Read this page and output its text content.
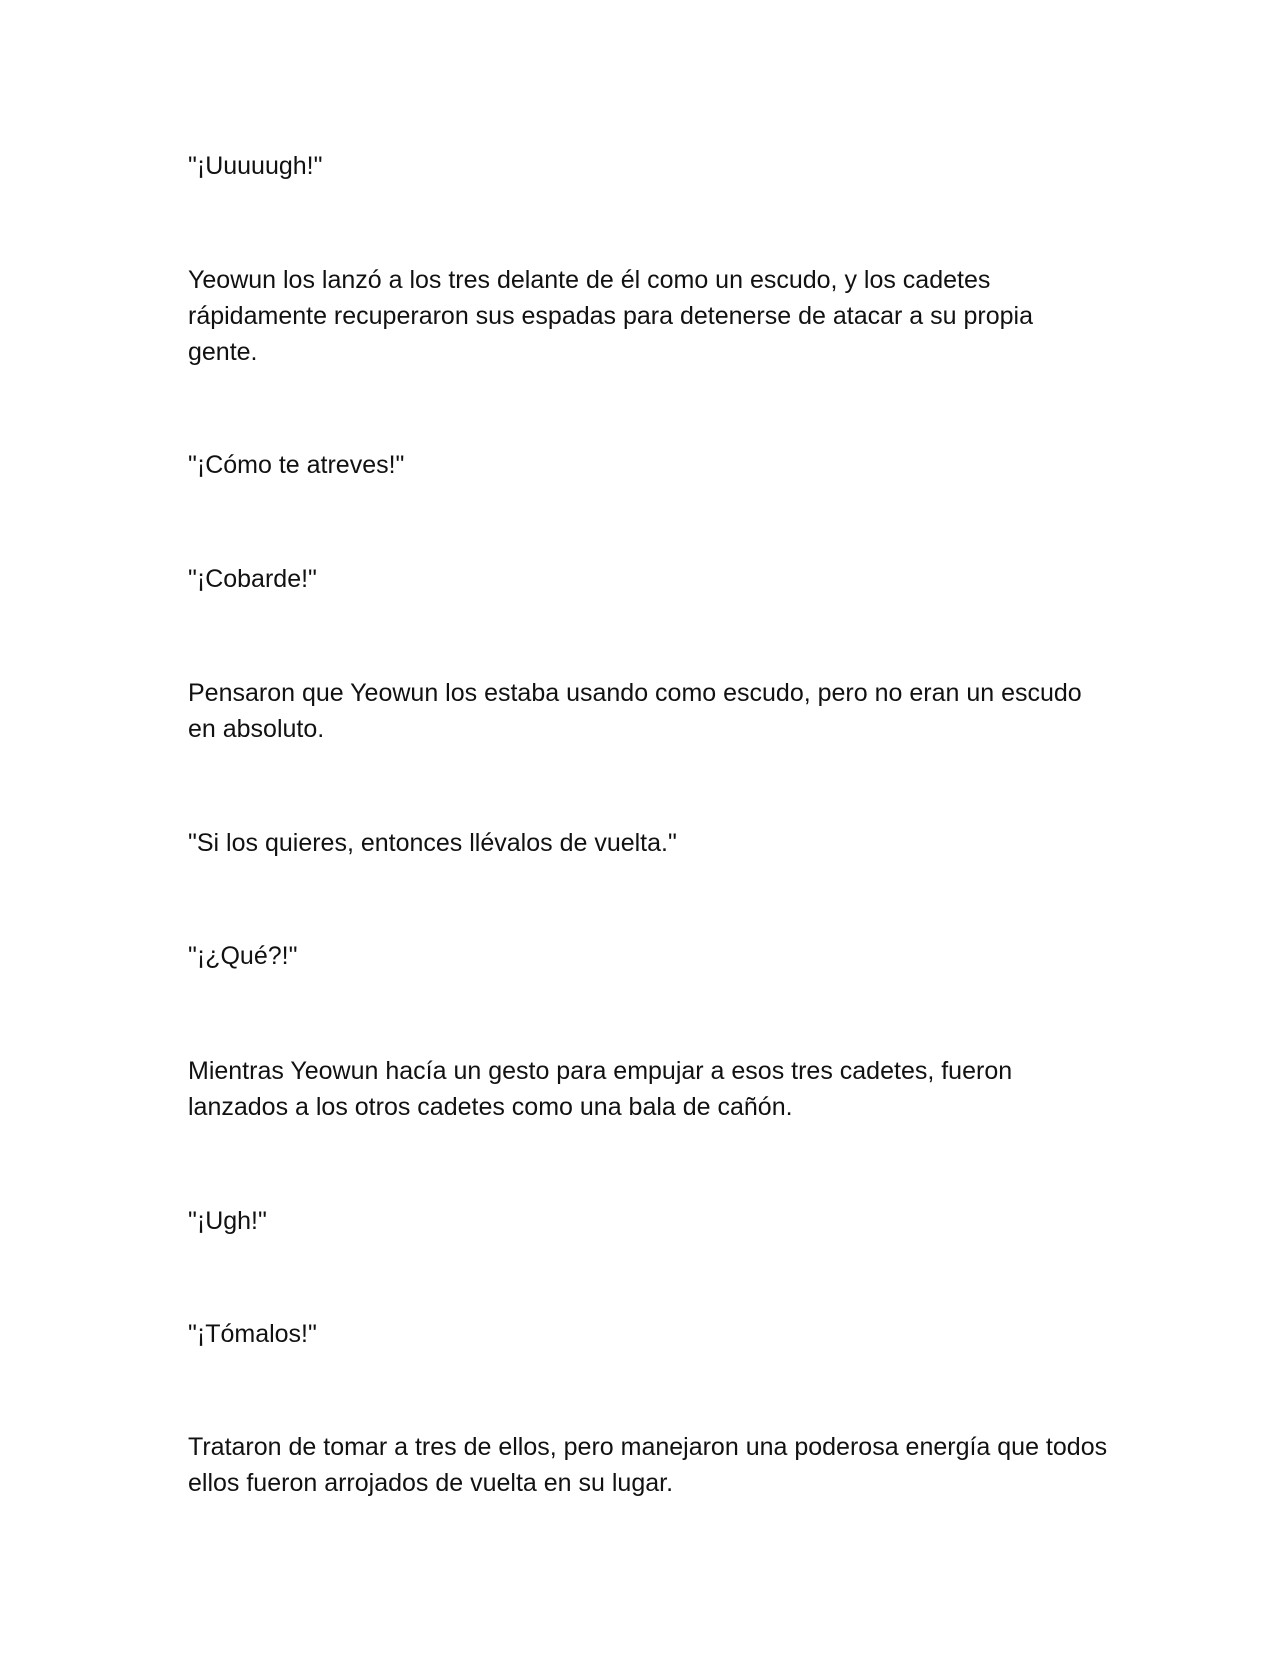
"¡Uuuuugh!"

Yeowun los lanzó a los tres delante de él como un escudo, y los cadetes rápidamente recuperaron sus espadas para detenerse de atacar a su propia gente.

"¡Cómo te atreves!"

"¡Cobarde!"

Pensaron que Yeowun los estaba usando como escudo, pero no eran un escudo en absoluto.

"Si los quieres, entonces llévalos de vuelta."

"¡¿Qué?!"

Mientras Yeowun hacía un gesto para empujar a esos tres cadetes, fueron lanzados a los otros cadetes como una bala de cañón.

"¡Ugh!"

"¡Tómalos!"

Trataron de tomar a tres de ellos, pero manejaron una poderosa energía que todos ellos fueron arrojados de vuelta en su lugar.
